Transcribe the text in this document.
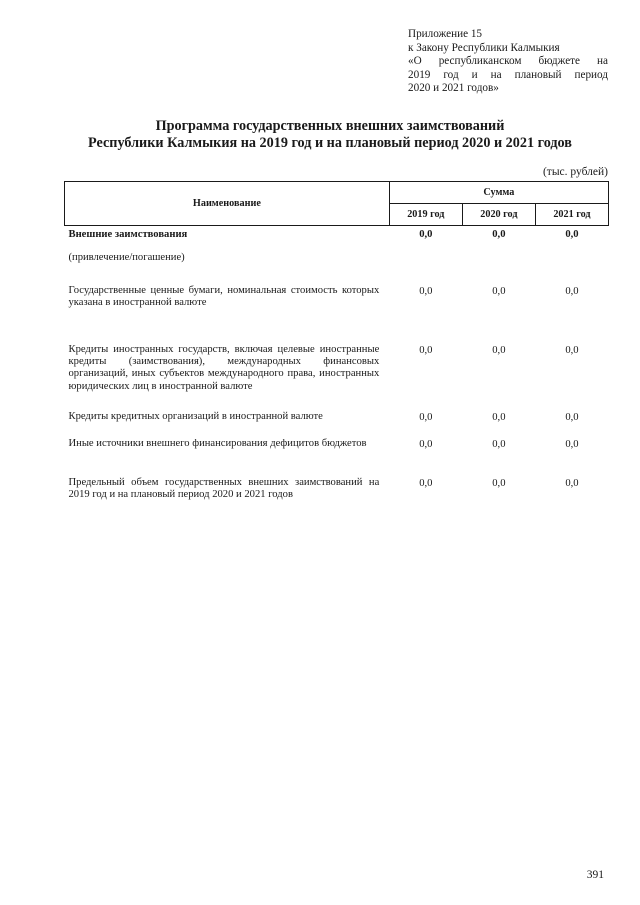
Приложение 15
к Закону Республики Калмыкия
«О республиканском бюджете на
2019 год и на плановый период
2020 и 2021 годов»
Программа государственных внешних заимствований
Республики Калмыкия на 2019 год и на плановый период 2020 и 2021 годов
(тыс. рублей)
Наименование	Сумма		
	2019 год	2020 год	2021 год
Внешние заимствования	0,0	0,0	0,0
(привлечение/погашение)			
Государственные ценные бумаги, номинальная стоимость которых указана в иностранной валюте	0,0	0,0	0,0
Кредиты иностранных государств, включая целевые иностранные кредиты (заимствования), международных финансовых организаций, иных субъектов международного права, иностранных юридических лиц в иностранной валюте	0,0	0,0	0,0
Кредиты кредитных организаций в иностранной валюте	0,0	0,0	0,0
Иные источники внешнего финансирования дефицитов бюджетов	0,0	0,0	0,0
Предельный объем государственных внешних заимствований на 2019 год и на плановый период 2020 и 2021 годов	0,0	0,0	0,0
391
